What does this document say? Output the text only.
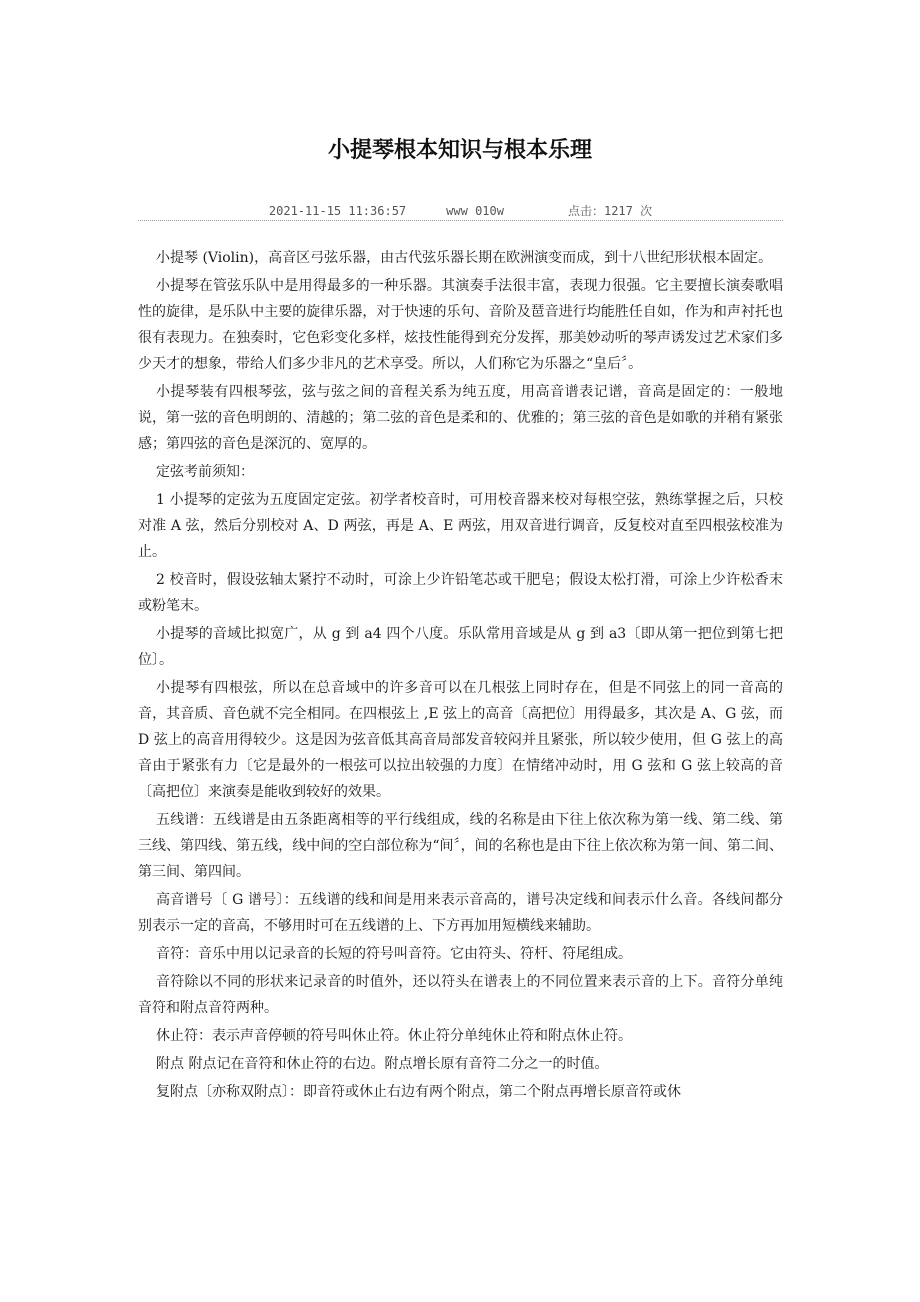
小提琴根本知识与根本乐理
2021-11-15 11:36:57	www 010w	点击：1217 次

小提琴 (Violin)，高音区弓弦乐器，由古代弦乐器长期在欧洲演变而成，到十八世纪形状根本固定。

小提琴在管弦乐队中是用得最多的一种乐器。其演奏手法很丰富，表现力很强。它主要擅长演奏歌唱性的旋律，是乐队中主要的旋律乐器，对于快速的乐句、音阶及琶音进行均能胜任自如，作为和声衬托也很有表现力。在独奏时，它色彩变化多样，炫技性能得到充分发挥，那美妙动听的琴声诱发过艺术家们多少天才的想象，带给人们多少非凡的艺术享受。所以，人们称它为乐器之“皇后〞。

小提琴装有四根琴弦，弦与弦之间的音程关系为纯五度，用高音谱表记谱，音高是固定的：一般地说，第一弦的音色明朗的、清越的；第二弦的音色是柔和的、优雅的；第三弦的音色是如歌的并稍有紧张感；第四弦的音色是深沉的、宽厚的。

定弦考前须知：

1 小提琴的定弦为五度固定定弦。初学者校音时，可用校音器来校对每根空弦，熟练掌握之后，只校对准 A 弦，然后分别校对 A、D 两弦，再是 A、E 两弦，用双音进行调音，反复校对直至四根弦校准为止。

2 校音时，假设弦轴太紧拧不动时，可涂上少许铅笔芯或干肥皂；假设太松打滑，可涂上少许松香末或粉笔末。

小提琴的音域比拟宽广，从 g 到 a4 四个八度。乐队常用音域是从 g 到 a3〔即从第一把位到第七把位〕。

小提琴有四根弦，所以在总音域中的许多音可以在几根弦上同时存在，但是不同弦上的同一音高的音，其音质、音色就不完全相同。在四根弦上 ,E 弦上的高音〔高把位〕用得最多，其次是 A、G 弦，而 D 弦上的高音用得较少。这是因为弦音低其高音局部发音较闷并且紧张，所以较少使用，但 G 弦上的高音由于紧张有力〔它是最外的一根弦可以拉出较强的力度〕在情绪冲动时，用 G 弦和 G 弦上较高的音〔高把位〕来演奏是能收到较好的效果。

五线谱：五线谱是由五条距离相等的平行线组成，线的名称是由下往上依次称为第一线、第二线、第三线、第四线、第五线，线中间的空白部位称为“间〞，间的名称也是由下往上依次称为第一间、第二间、第三间、第四间。

高音谱号〔 G 谱号〕：五线谱的线和间是用来表示音高的，谱号决定线和间表示什么音。各线间都分别表示一定的音高，不够用时可在五线谱的上、下方再加用短横线来辅助。

音符：音乐中用以记录音的长短的符号叫音符。它由符头、符杆、符尾组成。

音符除以不同的形状来记录音的时值外，还以符头在谱表上的不同位置来表示音的上下。音符分单纯音符和附点音符两种。

休止符：表示声音停顿的符号叫休止符。休止符分单纯休止符和附点休止符。

附点 附点记在音符和休止符的右边。附点增长原有音符二分之一的时值。

复附点〔亦称双附点〕：即音符或休止右边有两个附点，第二个附点再增长原音符或休
